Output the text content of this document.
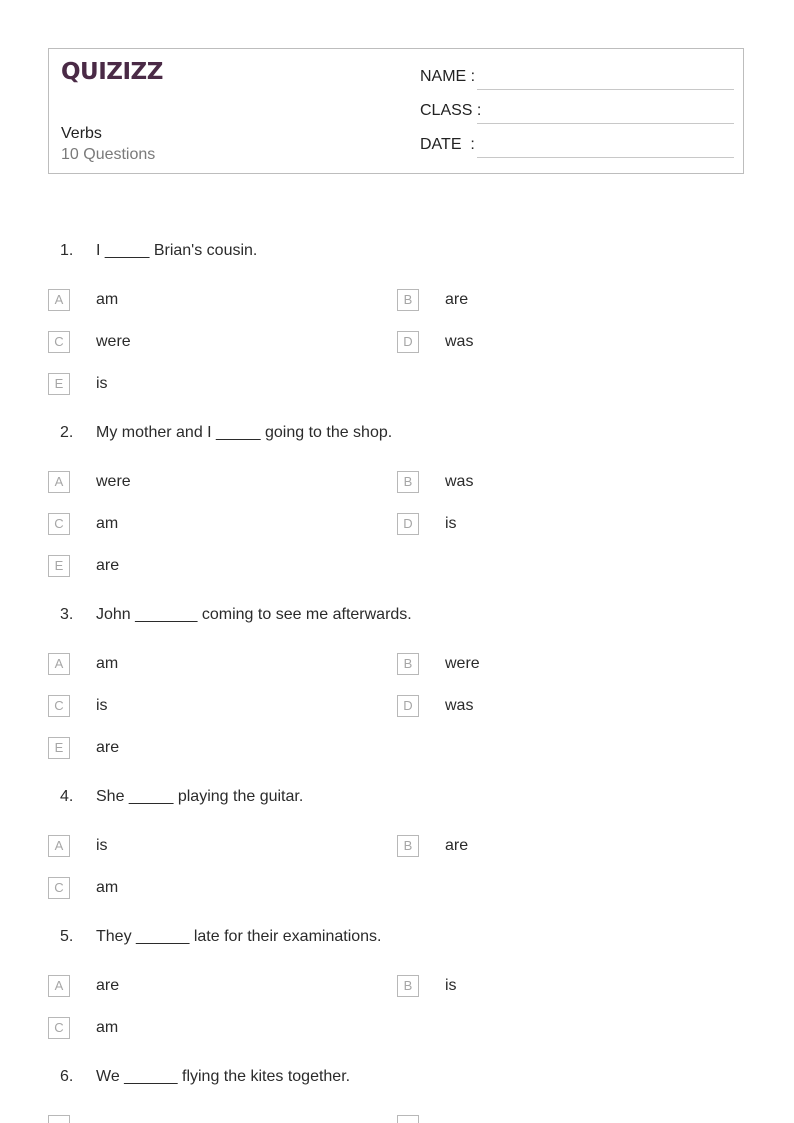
QUIZIZZ
Verbs
10 Questions
NAME :
CLASS :
DATE  :
1. I _____ Brian's cousin.
A	am	B	are
C	were	D	was
E	is
2. My mother and I _____ going to the shop.
A	were	B	was
C	am	D	is
E	are
3. John _______ coming to see me afterwards.
A	am	B	were
C	is	D	was
E	are
4. She _____ playing the guitar.
A	is	B	are
C	am
5. They ______ late for their examinations.
A	are	B	is
C	am
6. We ______ flying the kites together.
